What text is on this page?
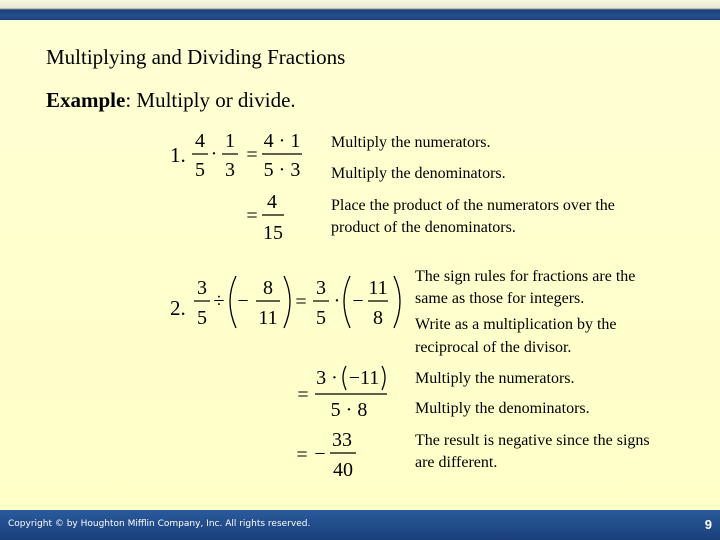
Multiplying and Dividing Fractions
Example: Multiply or divide.
1.
4
5
·
1
3
=
4 · 1
5 · 3
=
4
15
Multiply the numerators.
Multiply the denominators.
Place the product of the numerators over the
product of the denominators.
2.
3
5
÷ −
8
11
=
3
5
· −
11
8
=
3 · −11
5 · 8
= −
33
40
The sign rules for fractions are the
same as those for integers.
Write as a multiplication by the
reciprocal of the divisor.
Multiply the numerators.
Multiply the denominators.
The result is negative since the signs
are different.
Copyright © by Houghton Mifflin Company, Inc. All rights reserved.	9
